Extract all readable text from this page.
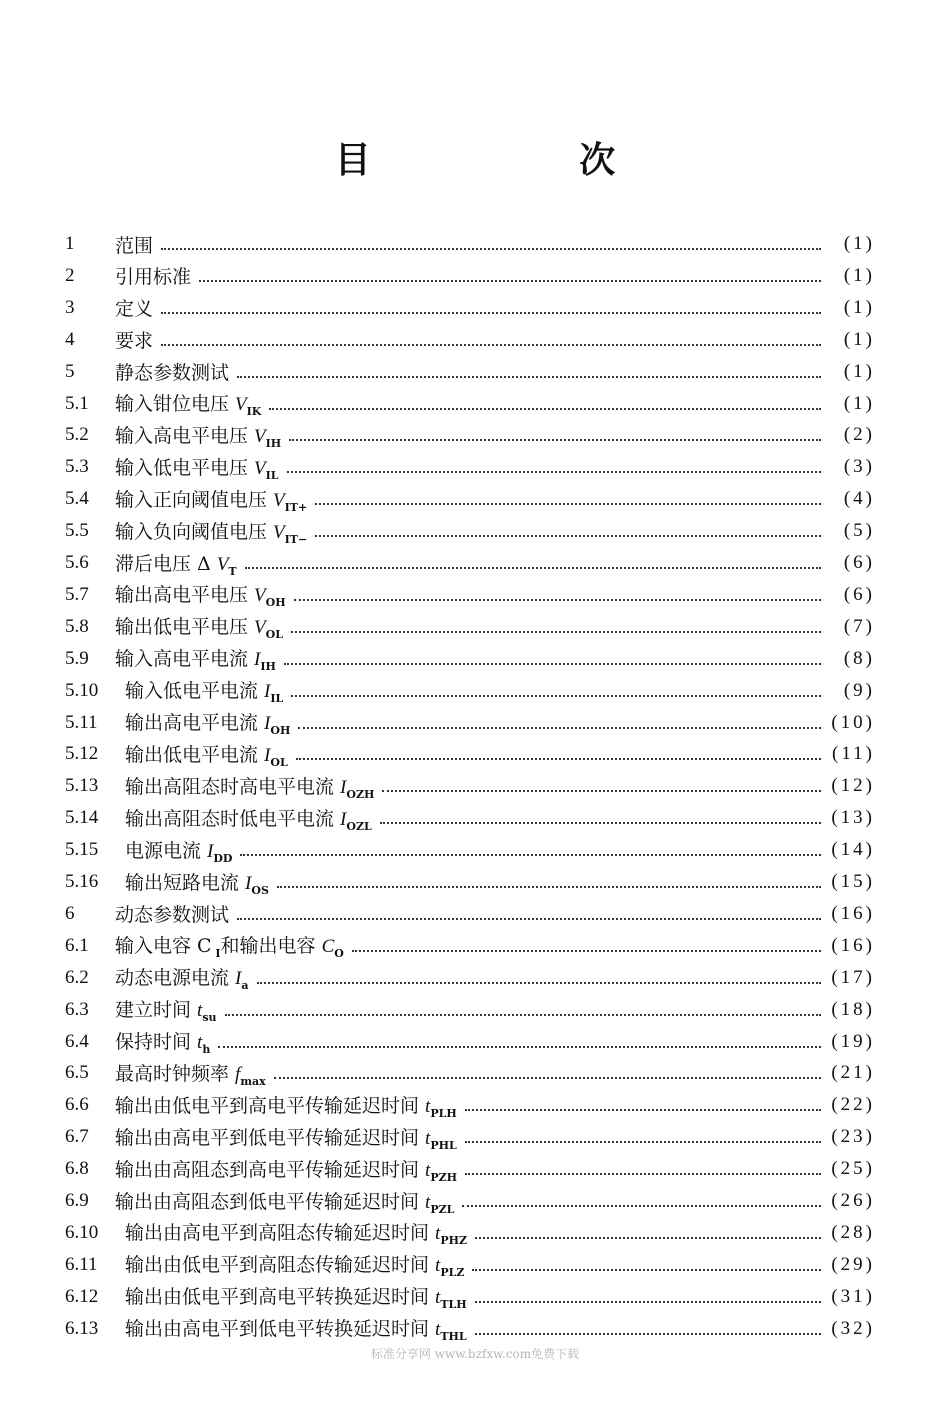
目 次
1	范围	(1)
2	引用标准	(1)
3	定义	(1)
4	要求	(1)
5	静态参数测试	(1)
5.1	输入钳位电压 $V_{IK}$	(1)
5.2	输入高电平电压 $V_{IH}$	(2)
5.3	输入低电平电压 $V_{IL}$	(3)
5.4	输入正向阈值电压 $V_{IT+}$	(4)
5.5	输入负向阈值电压 $V_{IT-}$	(5)
5.6	滞后电压 Δ $V_T$	(6)
5.7	输出高电平电压 $V_{OH}$	(6)
5.8	输出低电平电压 $V_{OL}$	(7)
5.9	输入高电平电流 $I_{IH}$	(8)
5.10	输入低电平电流 $I_{IL}$	(9)
5.11	输出高电平电流 $I_{OH}$	(10)
5.12	输出低电平电流 $I_{OL}$	(11)
5.13	输出高阻态时高电平电流 $I_{OZH}$	(12)
5.14	输出高阻态时低电平电流 $I_{OZL}$	(13)
5.15	电源电流 $I_{DD}$	(14)
5.16	输出短路电流 $I_{OS}$	(15)
6	动态参数测试	(16)
6.1	输入电容 C $_I$和输出电容 $C_O$	(16)
6.2	动态电源电流 $I_a$	(17)
6.3	建立时间 $t_{su}$	(18)
6.4	保持时间 $t_h$	(19)
6.5	最高时钟频率 $f_{max}$	(21)
6.6	输出由低电平到高电平传输延迟时间 $t_{PLH}$	(22)
6.7	输出由高电平到低电平传输延迟时间 $t_{PHL}$	(23)
6.8	输出由高阻态到高电平传输延迟时间 $t_{PZH}$	(25)
6.9	输出由高阻态到低电平传输延迟时间 $t_{PZL}$	(26)
6.10	输出由高电平到高阻态传输延迟时间 $t_{PHZ}$	(28)
6.11	输出由低电平到高阻态传输延迟时间 $t_{PLZ}$	(29)
6.12	输出由低电平到高电平转换延迟时间 $t_{TLH}$	(31)
6.13	输出由高电平到低电平转换延迟时间 $t_{THL}$	(32)
标准分享网 www.bzfxw.com免费下载
